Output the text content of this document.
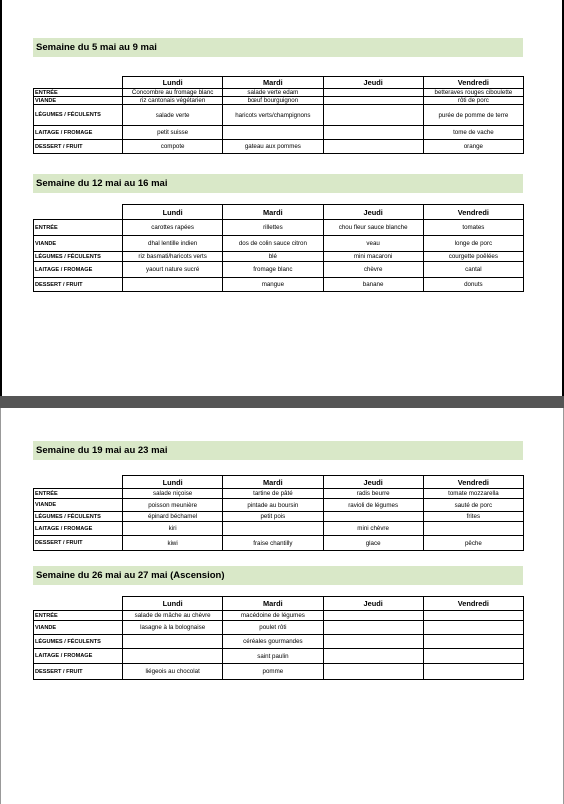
Semaine du 5 mai au 9 mai
	Lundi	Mardi	Jeudi	Vendredi
ENTRÉE	Concombre au fromage blanc	salade verte edam		betteraves rouges ciboulette
VIANDE	riz cantonais végétarien	bœuf bourguignon		rôti de porc
LÉGUMES / FÉCULENTS	salade verte	haricots verts/champignons		purée de pomme de terre
LAITAGE / FROMAGE	petit suisse			tome de vache
DESSERT / FRUIT	compote	gateau aux pommes		orange
Semaine du 12 mai au 16 mai
	Lundi	Mardi	Jeudi	Vendredi
ENTRÉE	carottes rapées	rillettes	chou fleur sauce blanche	tomates
VIANDE	dhal lentille indien	dos de colin sauce citron	veau	longe de porc
LÉGUMES / FÉCULENTS	riz basmati/haricots verts	blé	mini macaroni	courgette poêlées
LAITAGE / FROMAGE	yaourt nature sucré	fromage blanc	chèvre	cantal
DESSERT / FRUIT		mangue	banane	donuts
Semaine du 19 mai au 23 mai
	Lundi	Mardi	Jeudi	Vendredi
ENTRÉE	salade niçoise	tartine de pâté	radis beurre	tomate mozzarella
VIANDE	poisson meunière	pintade au boursin	ravioli de légumes	sauté de porc
LÉGUMES / FÉCULENTS	épinard béchamel	petit pois		frites
LAITAGE / FROMAGE	kiri		mini chèvre	
DESSERT / FRUIT	kiwi	fraise chantilly	glace	pêche
Semaine du 26 mai au 27 mai (Ascension)
	Lundi	Mardi	Jeudi	Vendredi
ENTRÉE	salade de mâche au chèvre	macédoine de légumes		
VIANDE	lasagne à la bolognaise	poulet rôti		
LÉGUMES / FÉCULENTS		céréales gourmandes		
LAITAGE / FROMAGE		saint paulin		
DESSERT / FRUIT	liégeois au chocolat	pomme		
